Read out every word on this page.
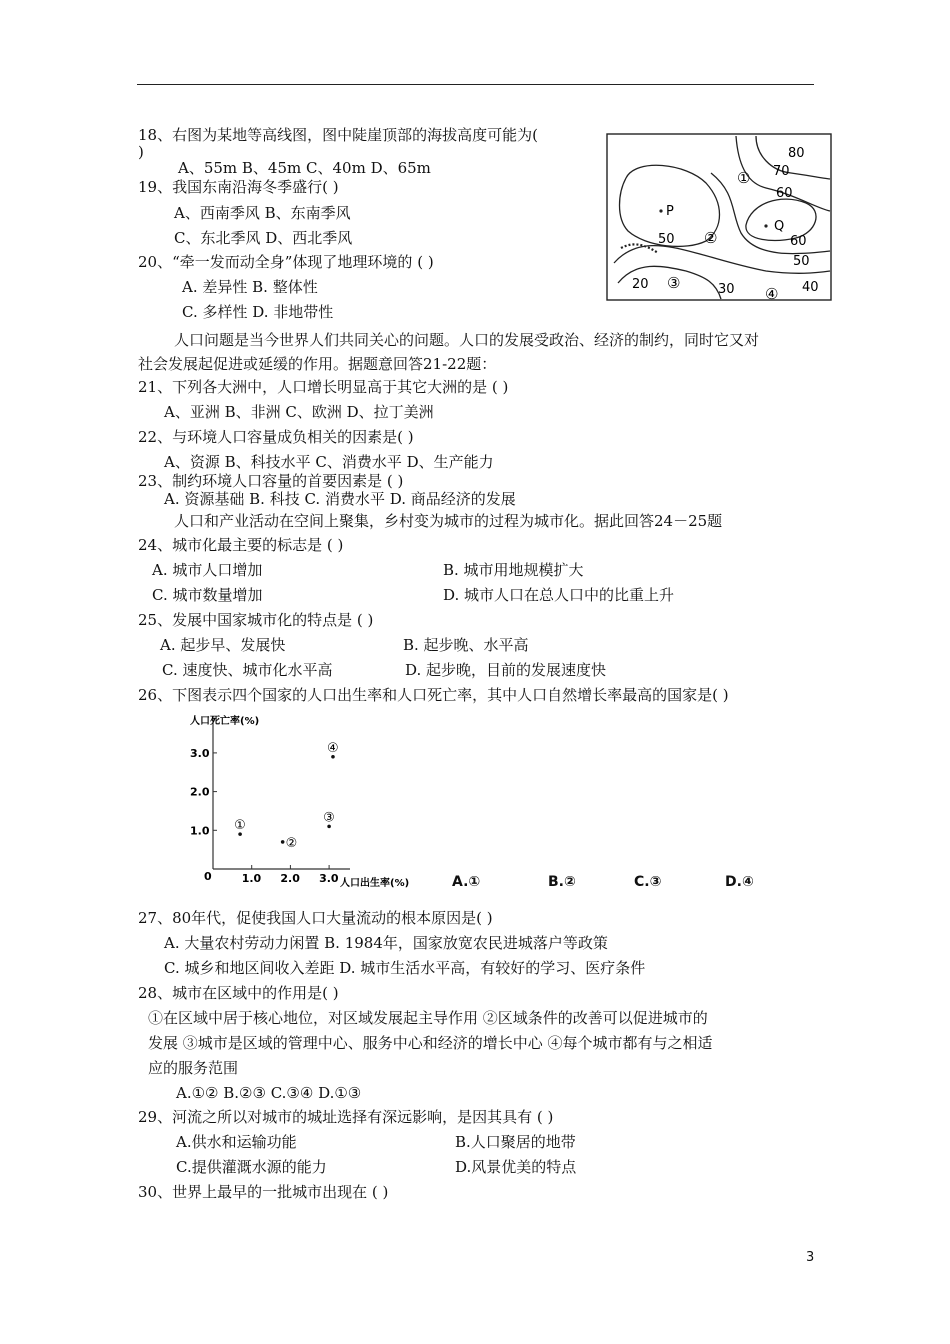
18、右图为某地等高线图，图中陡崖顶部的海拔高度可能为(
)
A、55m B、45m C、40m D、65m
19、我国东南沿海冬季盛行( )
A、西南季风 B、东南季风
C、东北季风 D、西北季风
20、“牵一发而动全身”体现了地理环境的 ( )
A. 差异性 B. 整体性
C. 多样性 D. 非地带性
80
70
60
50	60
50
40
30
20
P
Q
①
②
③
④
人口问题是当今世界人们共同关心的问题。人口的发展受政治、经济的制约，同时它又对
社会发展起促进或延缓的作用。据题意回答21-22题：
21、下列各大洲中，人口增长明显高于其它大洲的是 ( )
A、亚洲 B、非洲 C、欧洲 D、拉丁美洲
22、与环境人口容量成负相关的因素是( )
A、资源 B、科技水平 C、消费水平 D、生产能力
23、制约环境人口容量的首要因素是 ( )
A. 资源基础 B. 科技 C. 消费水平 D. 商品经济的发展
人口和产业活动在空间上聚集，乡村变为城市的过程为城市化。据此回答24－25题
24、城市化最主要的标志是 ( )
A. 城市人口增加	B. 城市用地规模扩大
C. 城市数量增加	D. 城市人口在总人口中的比重上升
25、发展中国家城市化的特点是 ( )
A. 起步早、发展快	B. 起步晚、水平高
C. 速度快、城市化水平高	D. 起步晚，目前的发展速度快
26、下图表示四个国家的人口出生率和人口死亡率，其中人口自然增长率最高的国家是( )
人口死亡率(%)
人口出生率(%)
0	1.0 2.0 3.0
1.0
2.0
3.0
①
②
③
④
A.①	B.②	C.③	D.④
27、80年代，促使我国人口大量流动的根本原因是( )
A. 大量农村劳动力闲置 B. 1984年，国家放宽农民进城落户等政策
C. 城乡和地区间收入差距 D. 城市生活水平高，有较好的学习、医疗条件
28、城市在区域中的作用是( )
①在区域中居于核心地位，对区域发展起主导作用 ②区域条件的改善可以促进城市的
发展 ③城市是区域的管理中心、服务中心和经济的增长中心 ④每个城市都有与之相适
应的服务范围
A.①② B.②③ C.③④ D.①③
29、河流之所以对城市的城址选择有深远影响，是因其具有 ( )
A.供水和运输功能	B.人口聚居的地带
C.提供灌溉水源的能力	D.风景优美的特点
30、世界上最早的一批城市出现在 ( )
3
